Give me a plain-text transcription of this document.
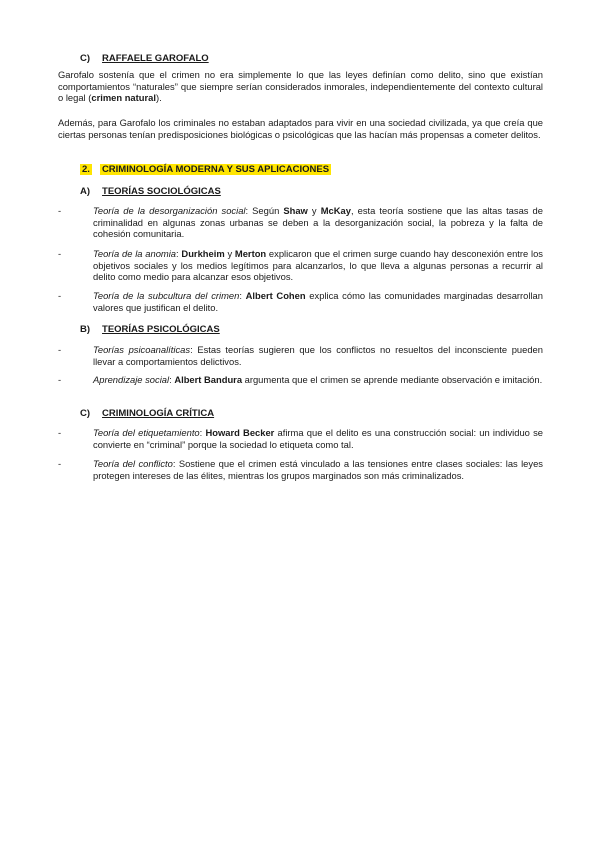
C) RAFFAELE GAROFALO

Garofalo sostenía que el crimen no era simplemente lo que las leyes definían como delito, sino que existían comportamientos “naturales” que siempre serían considerados inmorales, independientemente del contexto cultural o legal (crimen natural).

Además, para Garofalo los criminales no estaban adaptados para vivir en una sociedad civilizada, ya que creía que ciertas personas tenían predisposiciones biológicas o psicológicas que las hacían más propensas a cometer delitos.

2. CRIMINOLOGÍA MODERNA Y SUS APLICACIONES
A) TEORÍAS SOCIOLÓGICAS
-	Teoría de la desorganización social: Según Shaw y McKay, esta teoría sostiene que las altas tasas de criminalidad en algunas zonas urbanas se deben a la desorganización social, la pobreza y la falta de cohesión comunitaria.
-	Teoría de la anomia: Durkheim y Merton explicaron que el crimen surge cuando hay desconexión entre los objetivos sociales y los medios legítimos para alcanzarlos, lo que lleva a algunas personas a recurrir al delito como medio para alcanzar esos objetivos.
-	Teoría de la subcultura del crimen: Albert Cohen explica cómo las comunidades marginadas desarrollan valores que justifican el delito.
B) TEORÍAS PSICOLÓGICAS
-	Teorías psicoanalíticas: Estas teorías sugieren que los conflictos no resueltos del inconsciente pueden llevar a comportamientos delictivos.
-	Aprendizaje social: Albert Bandura argumenta que el crimen se aprende mediante observación e imitación.
C) CRIMINOLOGÍA CRÍTICA
-	Teoría del etiquetamiento: Howard Becker afirma que el delito es una construcción social: un individuo se convierte en “criminal” porque la sociedad lo etiqueta como tal.
-	Teoría del conflicto: Sostiene que el crimen está vinculado a las tensiones entre clases sociales: las leyes protegen intereses de las élites, mientras los grupos marginados son más criminalizados.
